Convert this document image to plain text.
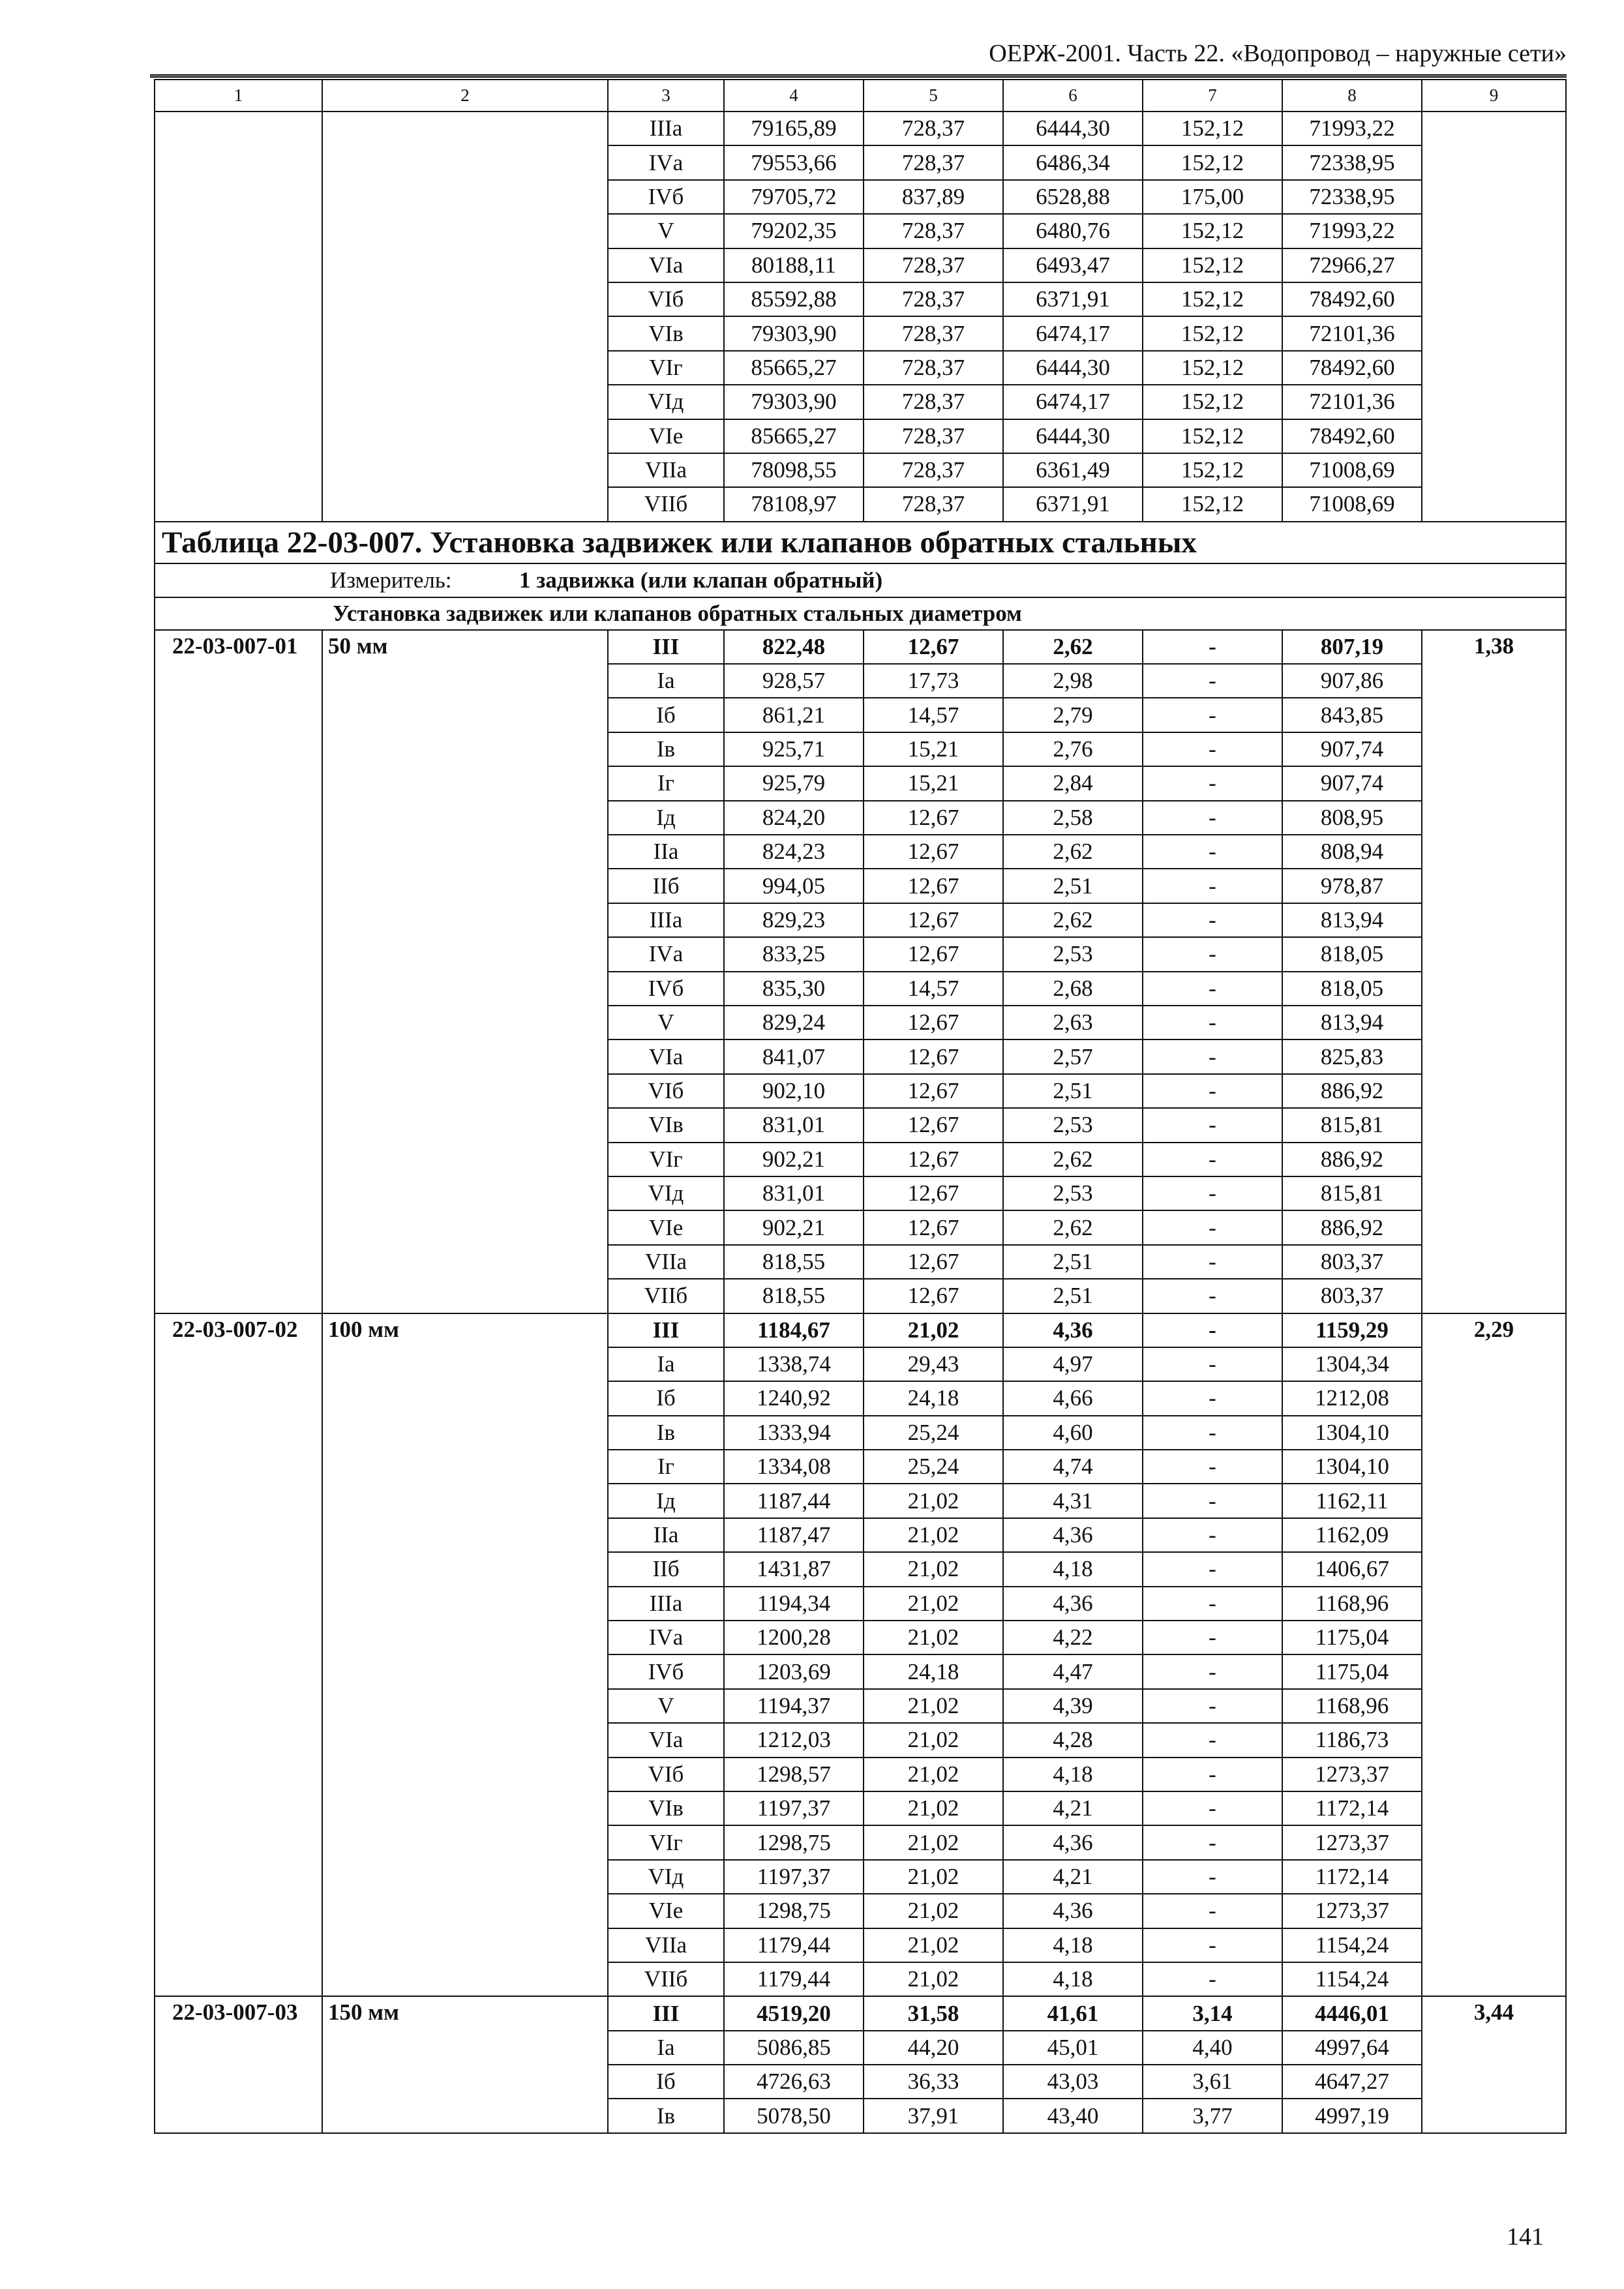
ОЕРЖ-2001. Часть 22. «Водопровод – наружные сети»
1	2	3	4	5	6	7	8	9
		IIIа	79165,89	728,37	6444,30	152,12	71993,22	
		IVа	79553,66	728,37	6486,34	152,12	72338,95	
		IVб	79705,72	837,89	6528,88	175,00	72338,95	
		V	79202,35	728,37	6480,76	152,12	71993,22	
		VIа	80188,11	728,37	6493,47	152,12	72966,27	
		VIб	85592,88	728,37	6371,91	152,12	78492,60	
		VIв	79303,90	728,37	6474,17	152,12	72101,36	
		VIг	85665,27	728,37	6444,30	152,12	78492,60	
		VIд	79303,90	728,37	6474,17	152,12	72101,36	
		VIе	85665,27	728,37	6444,30	152,12	78492,60	
		VIIа	78098,55	728,37	6361,49	152,12	71008,69	
		VIIб	78108,97	728,37	6371,91	152,12	71008,69	
Таблица 22-03-007. Установка задвижек или клапанов обратных стальных								
Измеритель: 1 задвижка (или клапан обратный)								
Установка задвижек или клапанов обратных стальных диаметром								
22-03-007-01	50 мм	III	822,48	12,67	2,62	-	807,19	1,38
		Iа	928,57	17,73	2,98	-	907,86	
		Iб	861,21	14,57	2,79	-	843,85	
		Iв	925,71	15,21	2,76	-	907,74	
		Iг	925,79	15,21	2,84	-	907,74	
		Iд	824,20	12,67	2,58	-	808,95	
		IIа	824,23	12,67	2,62	-	808,94	
		IIб	994,05	12,67	2,51	-	978,87	
		IIIа	829,23	12,67	2,62	-	813,94	
		IVа	833,25	12,67	2,53	-	818,05	
		IVб	835,30	14,57	2,68	-	818,05	
		V	829,24	12,67	2,63	-	813,94	
		VIа	841,07	12,67	2,57	-	825,83	
		VIб	902,10	12,67	2,51	-	886,92	
		VIв	831,01	12,67	2,53	-	815,81	
		VIг	902,21	12,67	2,62	-	886,92	
		VIд	831,01	12,67	2,53	-	815,81	
		VIе	902,21	12,67	2,62	-	886,92	
		VIIа	818,55	12,67	2,51	-	803,37	
		VIIб	818,55	12,67	2,51	-	803,37	
22-03-007-02	100 мм	III	1184,67	21,02	4,36	-	1159,29	2,29
		Iа	1338,74	29,43	4,97	-	1304,34	
		Iб	1240,92	24,18	4,66	-	1212,08	
		Iв	1333,94	25,24	4,60	-	1304,10	
		Iг	1334,08	25,24	4,74	-	1304,10	
		Iд	1187,44	21,02	4,31	-	1162,11	
		IIа	1187,47	21,02	4,36	-	1162,09	
		IIб	1431,87	21,02	4,18	-	1406,67	
		IIIа	1194,34	21,02	4,36	-	1168,96	
		IVа	1200,28	21,02	4,22	-	1175,04	
		IVб	1203,69	24,18	4,47	-	1175,04	
		V	1194,37	21,02	4,39	-	1168,96	
		VIа	1212,03	21,02	4,28	-	1186,73	
		VIб	1298,57	21,02	4,18	-	1273,37	
		VIв	1197,37	21,02	4,21	-	1172,14	
		VIг	1298,75	21,02	4,36	-	1273,37	
		VIд	1197,37	21,02	4,21	-	1172,14	
		VIе	1298,75	21,02	4,36	-	1273,37	
		VIIа	1179,44	21,02	4,18	-	1154,24	
		VIIб	1179,44	21,02	4,18	-	1154,24	
22-03-007-03	150 мм	III	4519,20	31,58	41,61	3,14	4446,01	3,44
		Iа	5086,85	44,20	45,01	4,40	4997,64	
		Iб	4726,63	36,33	43,03	3,61	4647,27	
		Iв	5078,50	37,91	43,40	3,77	4997,19	
141
